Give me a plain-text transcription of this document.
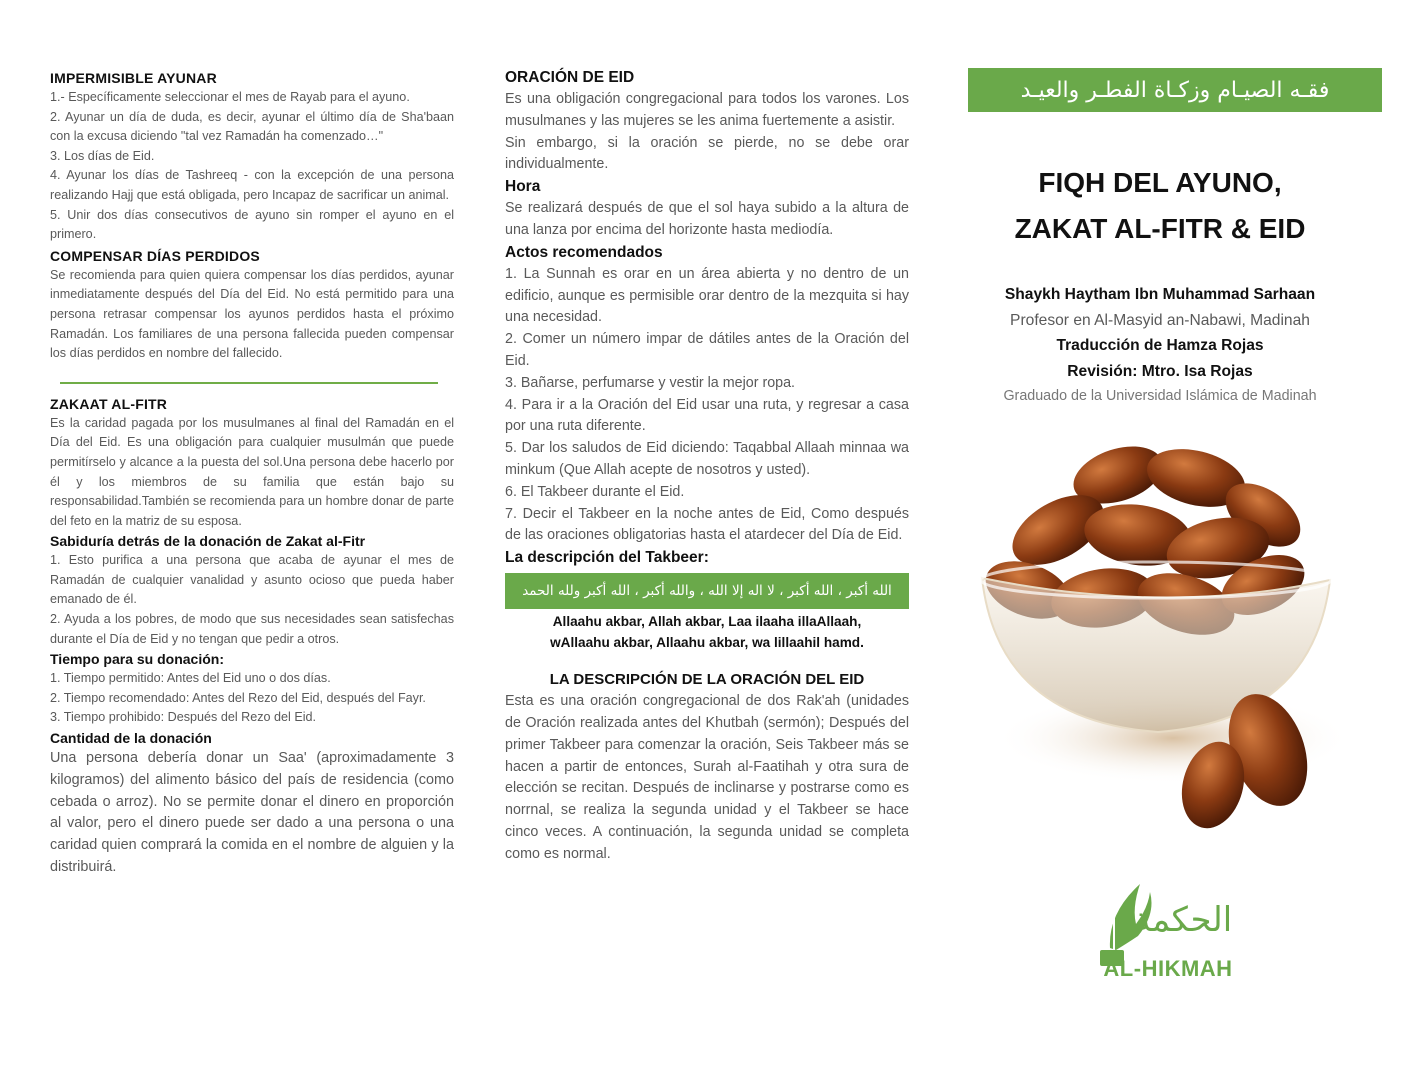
IMPERMISIBLE AYUNAR

1.- Específicamente seleccionar el mes de Rayab para el ayuno.

2. Ayunar un día de duda, es decir, ayunar el último día de Sha'baan con la excusa diciendo "tal vez Ramadán ha comenzado…"

3. Los días de Eid.

4. Ayunar los días de Tashreeq - con la excepción de una persona realizando Hajj que está obligada, pero Incapaz de sacrificar un animal.

5. Unir dos días consecutivos de ayuno sin romper el ayuno en el primero.

COMPENSAR DÍAS PERDIDOS

Se recomienda para quien quiera compensar los días perdidos, ayunar inmediatamente después del Día del Eid. No está permitido para una persona retrasar compensar los ayunos perdidos hasta el próximo Ramadán. Los familiares de una persona fallecida pueden compensar los días perdidos en nombre del fallecido.

ZAKAAT AL-FITR

Es la caridad pagada por los musulmanes al final del Ramadán en el Día del Eid. Es una obligación para cualquier musulmán que puede permitírselo y alcance a la puesta del sol.Una persona debe hacerlo por él y los miembros de su familia que están bajo su responsabilidad.También se recomienda para un hombre donar de parte del feto en la matriz de su esposa.

Sabiduría detrás de la donación de Zakat al-Fitr

1. Esto purifica a una persona que acaba de ayunar el mes de Ramadán de cualquier vanalidad y asunto ocioso que pueda haber emanado de él.

2. Ayuda a los pobres, de modo que sus necesidades sean satisfechas durante el Día de Eid y no tengan que pedir a otros.

Tiempo para su donación:

1. Tiempo permitido: Antes del Eid uno o dos días.

2. Tiempo recomendado: Antes del Rezo del Eid, después del Fayr.

3. Tiempo prohibido: Después del Rezo del Eid.

Cantidad de la donación

Una persona debería donar un Saa' (aproximadamente 3 kilogramos) del alimento básico del país de residencia (como cebada o arroz). No se permite donar el dinero en proporción al valor, pero el dinero puede ser dado a una persona o una caridad quien comprará la comida en el nombre de alguien y la distribuirá.

ORACIÓN DE EID

Es una obligación congregacional para todos los varones. Los musulmanes y las mujeres se les anima fuertemente a asistir.

Sin embargo, si la oración se pierde, no se debe orar individualmente.

Hora

Se realizará después de que el sol haya subido a la altura de una lanza por encima del horizonte hasta mediodía.

Actos recomendados

1. La Sunnah es orar en un área abierta y no dentro de un edificio, aunque es permisible orar dentro de la mezquita si hay una necesidad.

2. Comer un número impar de dátiles antes de la Oración del Eid.

3. Bañarse, perfumarse y vestir la mejor ropa.

4. Para ir a la Oración del Eid usar una ruta, y regresar a casa por una ruta diferente.

5. Dar los saludos de Eid diciendo: Taqabbal Allaah minnaa wa minkum (Que Allah acepte de nosotros y usted).

6. El Takbeer durante el Eid.

7. Decir el Takbeer en la noche antes de Eid, Como después de las oraciones obligatorias hasta el atardecer del Día de Eid.

La descripción del Takbeer:

الله أكبر ، الله أكبر ، لا اله إلا الله ، والله أكبر ، الله أكبر ولله الحمد
Allaahu akbar, Allah akbar, Laa ilaaha illaAllaah,
wAllaahu akbar, Allaahu akbar, wa lillaahil hamd.
LA DESCRIPCIÓN DE LA ORACIÓN DEL EID

Esta es una oración congregacional de dos Rak'ah (unidades de Oración realizada antes del Khutbah (sermón); Después del primer Takbeer para comenzar la oración, Seis Takbeer más se hacen a partir de entonces, Surah al-Faatihah y otra sura de elección se recitan. Después de inclinarse y postrarse como es norrnal, se realiza la segunda unidad y el Takbeer se hace cinco veces. A continuación, la segunda unidad se completa como es normal.

فقـه الصيـام وزكـاة الفطـر والعيـد
FIQH DEL AYUNO,
ZAKAT AL-FITR & EID
Shaykh Haytham Ibn Muhammad Sarhaan
Profesor en Al-Masyid an-Nabawi, Madinah
Traducción de Hamza Rojas
Revisión: Mtro. Isa Rojas
Graduado de la Universidad Islámica de Madinah
الحكمة
AL-HIKMAH
